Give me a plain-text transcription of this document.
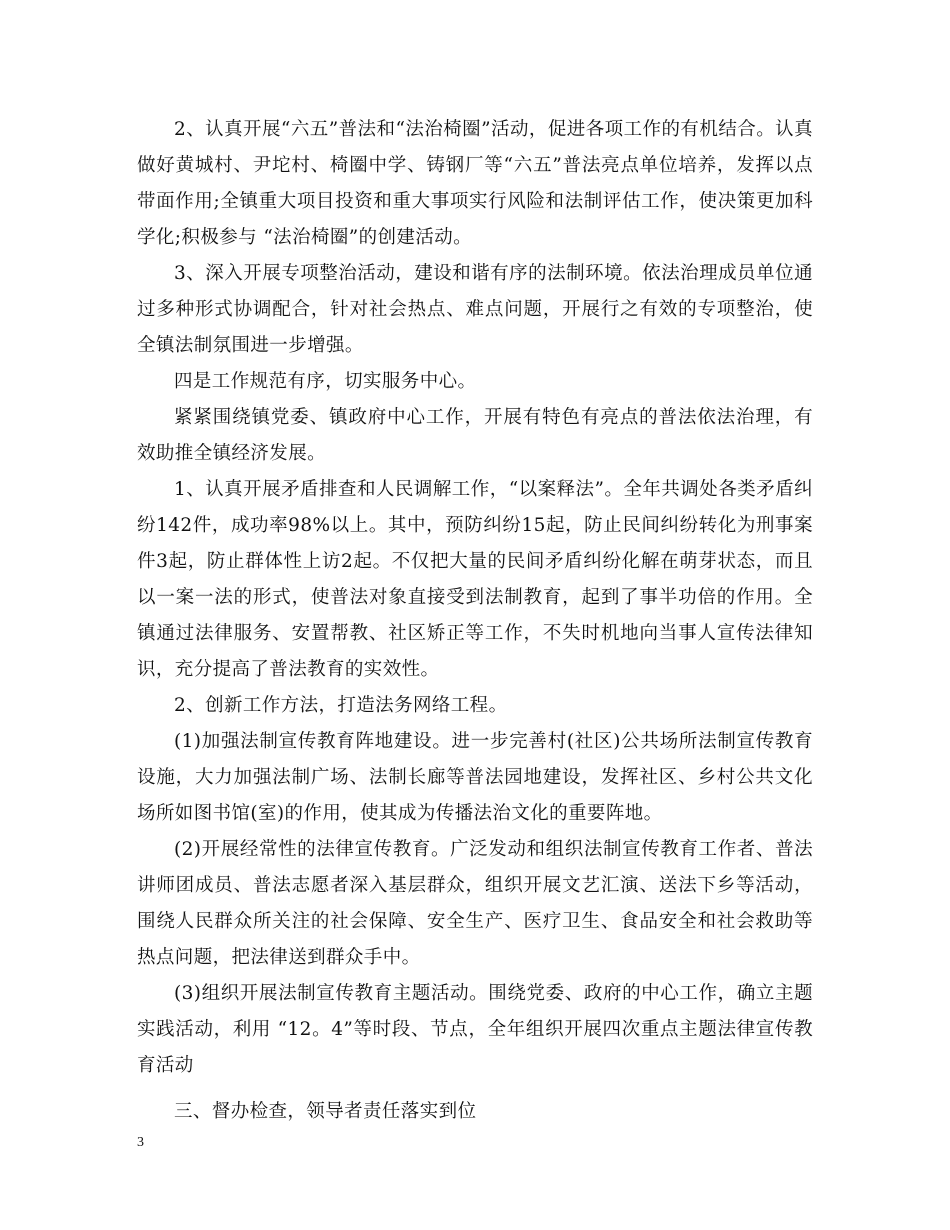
2、认真开展“六五”普法和“法治椅圈”活动，促进各项工作的有机结合。认真做好黄城村、尹坨村、椅圈中学、铸钢厂等“六五”普法亮点单位培养，发挥以点带面作用;全镇重大项目投资和重大事项实行风险和法制评估工作，使决策更加科学化;积极参与 “法治椅圈”的创建活动。

3、深入开展专项整治活动，建设和谐有序的法制环境。依法治理成员单位通过多种形式协调配合，针对社会热点、难点问题，开展行之有效的专项整治，使全镇法制氛围进一步增强。

四是工作规范有序，切实服务中心。

紧紧围绕镇党委、镇政府中心工作，开展有特色有亮点的普法依法治理，有效助推全镇经济发展。

1、认真开展矛盾排查和人民调解工作，“以案释法”。全年共调处各类矛盾纠纷142件，成功率98%以上。其中，预防纠纷15起，防止民间纠纷转化为刑事案件3起，防止群体性上访2起。不仅把大量的民间矛盾纠纷化解在萌芽状态，而且以一案一法的形式，使普法对象直接受到法制教育，起到了事半功倍的作用。全镇通过法律服务、安置帮教、社区矫正等工作，不失时机地向当事人宣传法律知识，充分提高了普法教育的实效性。

2、创新工作方法，打造法务网络工程。

(1)加强法制宣传教育阵地建设。进一步完善村(社区)公共场所法制宣传教育设施，大力加强法制广场、法制长廊等普法园地建设，发挥社区、乡村公共文化场所如图书馆(室)的作用，使其成为传播法治文化的重要阵地。

(2)开展经常性的法律宣传教育。广泛发动和组织法制宣传教育工作者、普法讲师团成员、普法志愿者深入基层群众，组织开展文艺汇演、送法下乡等活动，围绕人民群众所关注的社会保障、安全生产、医疗卫生、食品安全和社会救助等热点问题，把法律送到群众手中。

(3)组织开展法制宣传教育主题活动。围绕党委、政府的中心工作，确立主题实践活动，利用 “12。4”等时段、节点，全年组织开展四次重点主题法律宣传教育活动

三、督办检查，领导者责任落实到位

3
